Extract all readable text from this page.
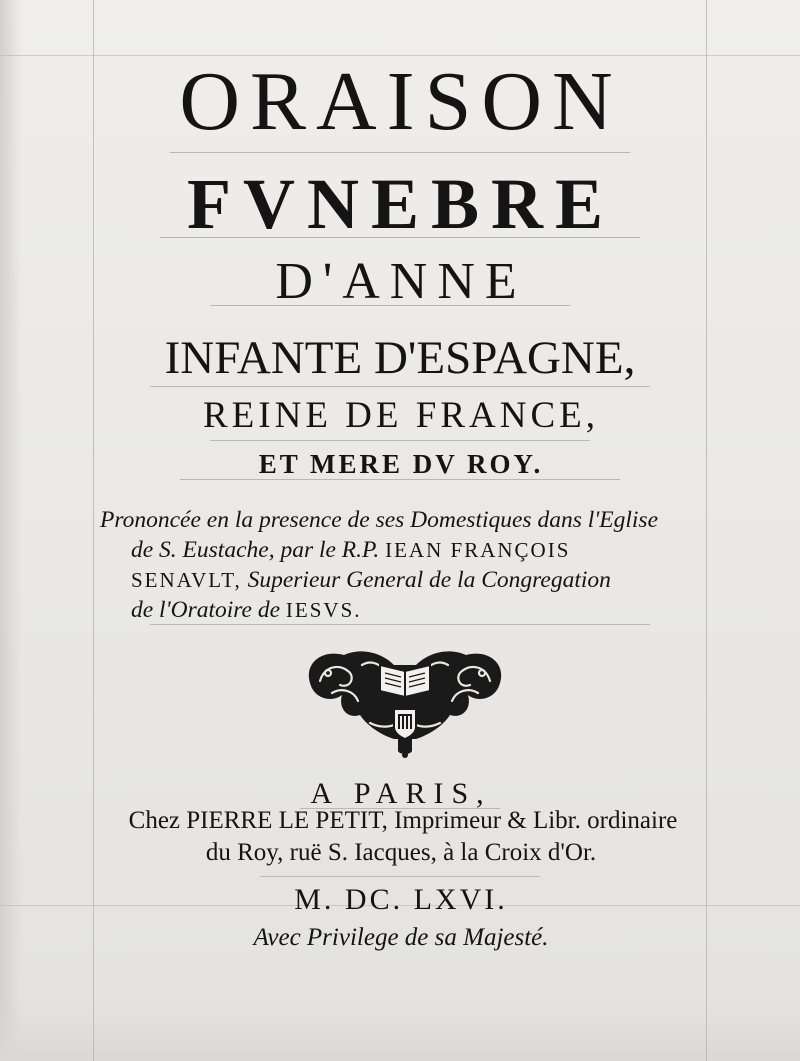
ORAISON

FVNEBRE

D'ANNE

INFANTE D'ESPAGNE,

REINE DE FRANCE,

ET MERE DV ROY.

Prononcée en la presence de ses Domestiques dans l'Eglise

de S. Eustache, par le R.P. IEAN FRANÇOIS

SENAVLT, Superieur General de la Congregation

de l'Oratoire de IESVS.

A PARIS,

Chez PIERRE LE PETIT, Imprimeur & Libr. ordinaire

du Roy, ruë S. Iacques, à la Croix d'Or.

M. DC. LXVI.

Avec Privilege de sa Majesté.
